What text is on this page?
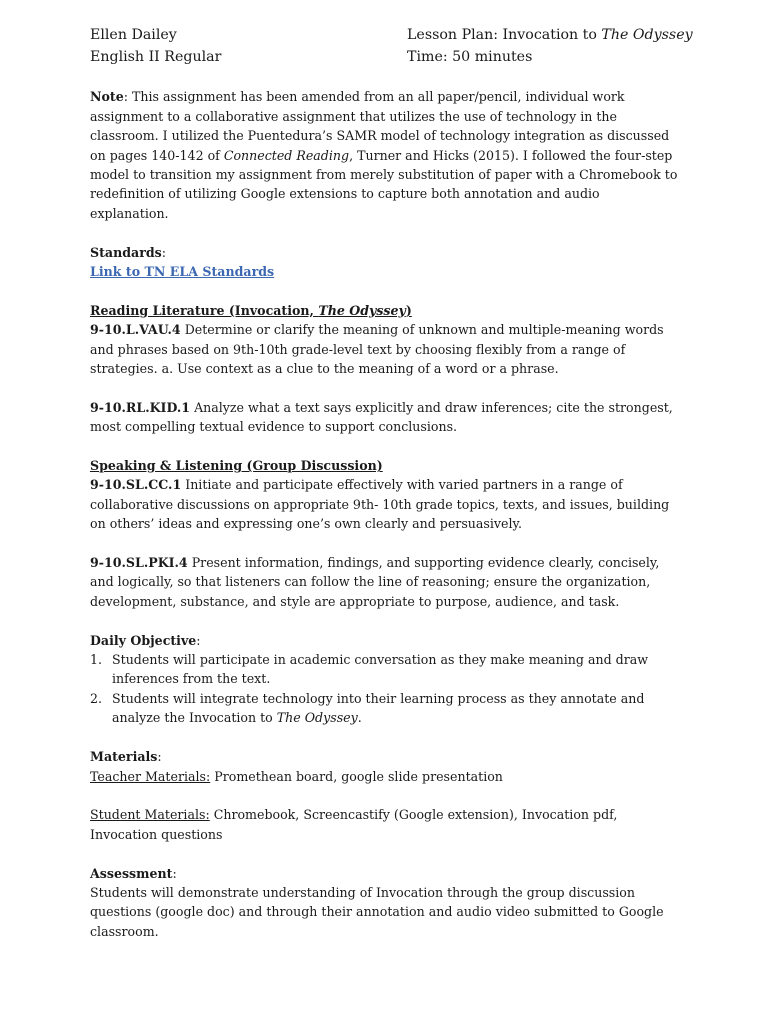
Ellen Dailey
English II Regular
Lesson Plan: Invocation to The Odyssey
Time: 50 minutes

Note: This assignment has been amended from an all paper/pencil, individual work assignment to a collaborative assignment that utilizes the use of technology in the classroom. I utilized the Puentedura’s SAMR model of technology integration as discussed on pages 140-142 of Connected Reading, Turner and Hicks (2015). I followed the four-step model to transition my assignment from merely substitution of paper with a Chromebook to redefinition of utilizing Google extensions to capture both annotation and audio explanation.

Standards:

Link to TN ELA Standards

Reading Literature (Invocation, The Odyssey)

9-10.L.VAU.4 Determine or clarify the meaning of unknown and multiple-meaning words and phrases based on 9th-10th grade-level text by choosing flexibly from a range of strategies. a. Use context as a clue to the meaning of a word or a phrase.

9-10.RL.KID.1 Analyze what a text says explicitly and draw inferences; cite the strongest, most compelling textual evidence to support conclusions.

Speaking & Listening (Group Discussion)

9-10.SL.CC.1 Initiate and participate effectively with varied partners in a range of collaborative discussions on appropriate 9th- 10th grade topics, texts, and issues, building on others’ ideas and expressing one’s own clearly and persuasively.

9-10.SL.PKI.4 Present information, findings, and supporting evidence clearly, concisely, and logically, so that listeners can follow the line of reasoning; ensure the organization, development, substance, and style are appropriate to purpose, audience, and task.

Daily Objective:

1. Students will participate in academic conversation as they make meaning and draw inferences from the text.
2. Students will integrate technology into their learning process as they annotate and analyze the Invocation to The Odyssey.

Materials:

Teacher Materials: Promethean board, google slide presentation

Student Materials: Chromebook, Screencastify (Google extension), Invocation pdf, Invocation questions

Assessment:

Students will demonstrate understanding of Invocation through the group discussion questions (google doc) and through their annotation and audio video submitted to Google classroom.
